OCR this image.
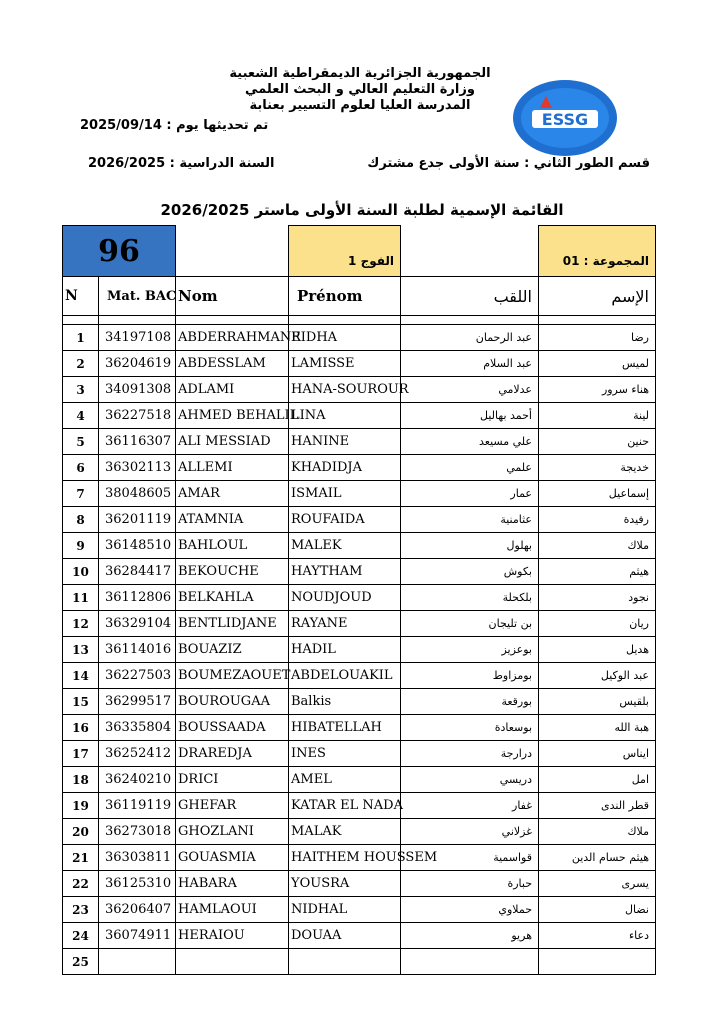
الجمهورية الجزائرية الديمقراطية الشعبية
وزارة التعليم العالي و البحث العلمي
المدرسة العليا لعلوم التسيير بعنابة
ESSG
تم تحديثها يوم : 2025/09/14
قسم الطور الثاني : سنة الأولى جدع مشترك
السنة الدراسية : 2026/2025
القائمة الإسمية لطلبة السنة الأولى ماستر 2026/2025
96			الفوج 1		المجموعة : 01
N	Mat. BAC	Nom	Prénom	اللقب	الإسم

1	34197108	ABDERRAHMANE	RIDHA	عبد الرحمان	رضا
2	36204619	ABDESSLAM	LAMISSE	عبد السلام	لميس
3	34091308	ADLAMI	HANA-SOUROUR	عدلامي	هناء سرور
4	36227518	AHMED BEHALIL	LINA	أحمد بهاليل	لينة
5	36116307	ALI MESSIAD	HANINE	علي مسيعد	حنين
6	36302113	ALLEMI	KHADIDJA	علمي	خديجة
7	38048605	AMAR	ISMAIL	عمار	إسماعيل
8	36201119	ATAMNIA	ROUFAIDA	عثامنية	رفيدة
9	36148510	BAHLOUL	MALEK	بهلول	ملاك
10	36284417	BEKOUCHE	HAYTHAM	بكوش	هيثم
11	36112806	BELKAHLA	NOUDJOUD	بلكحلة	نجود
12	36329104	BENTLIDJANE	RAYANE	بن تليجان	ريان
13	36114016	BOUAZIZ	HADIL	بوعزيز	هديل
14	36227503	BOUMEZAOUET	ABDELOUAKIL	بومزاوط	عبد الوكيل
15	36299517	BOUROUGAA	Balkis	بورقعة	بلقيس
16	36335804	BOUSSAADA	HIBATELLAH	بوسعادة	هبة الله
17	36252412	DRAREDJA	INES	درارجة	ايناس
18	36240210	DRICI	AMEL	دريسي	امل
19	36119119	GHEFAR	KATAR EL NADA	غفار	قطر الندى
20	36273018	GHOZLANI	MALAK	غزلاني	ملاك
21	36303811	GOUASMIA	HAITHEM HOUSSEM	قواسمية	هيثم حسام الدين
22	36125310	HABARA	YOUSRA	حبارة	يسرى
23	36206407	HAMLAOUI	NIDHAL	حملاوي	نضال
24	36074911	HERAIOU	DOUAA	هريو	دعاء
25					
